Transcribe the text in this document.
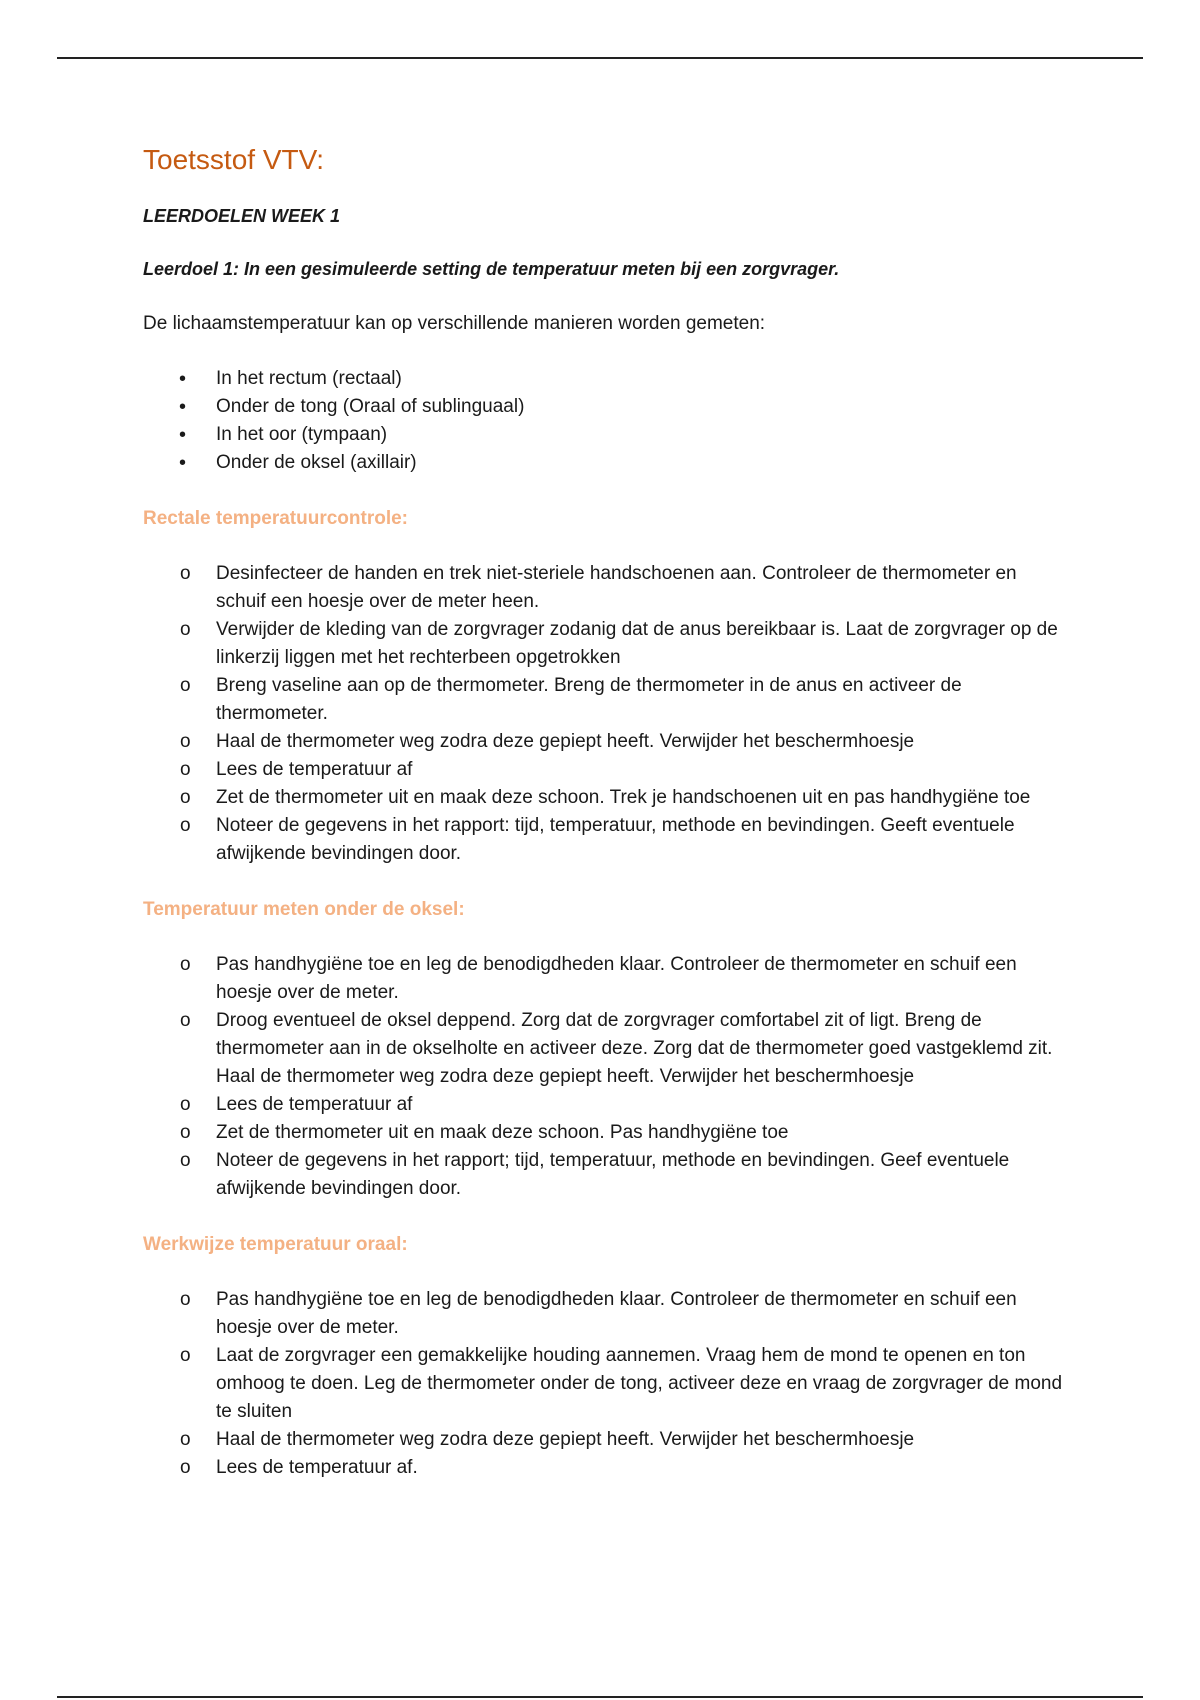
Toetsstof VTV:

LEERDOELEN WEEK 1

Leerdoel 1: In een gesimuleerde setting de temperatuur meten bij een zorgvrager.

De lichaamstemperatuur kan op verschillende manieren worden gemeten:

• In het rectum (rectaal)
• Onder de tong (Oraal of sublinguaal)
• In het oor (tympaan)
• Onder de oksel (axillair)

Rectale temperatuurcontrole:

o Desinfecteer de handen en trek niet-steriele handschoenen aan. Controleer de thermometer en schuif een hoesje over de meter heen.
o Verwijder de kleding van de zorgvrager zodanig dat de anus bereikbaar is. Laat de zorgvrager op de linkerzij liggen met het rechterbeen opgetrokken
o Breng vaseline aan op de thermometer. Breng de thermometer in de anus en activeer de thermometer.
o Haal de thermometer weg zodra deze gepiept heeft. Verwijder het beschermhoesje
o Lees de temperatuur af
o Zet de thermometer uit en maak deze schoon. Trek je handschoenen uit en pas handhygiëne toe
o Noteer de gegevens in het rapport: tijd, temperatuur, methode en bevindingen. Geeft eventuele afwijkende bevindingen door.

Temperatuur meten onder de oksel:

o Pas handhygiëne toe en leg de benodigdheden klaar. Controleer de thermometer en schuif een hoesje over de meter.
o Droog eventueel de oksel deppend. Zorg dat de zorgvrager comfortabel zit of ligt. Breng de thermometer aan in de okselholte en activeer deze. Zorg dat de thermometer goed vastgeklemd zit. Haal de thermometer weg zodra deze gepiept heeft. Verwijder het beschermhoesje
o Lees de temperatuur af
o Zet de thermometer uit en maak deze schoon. Pas handhygiëne toe
o Noteer de gegevens in het rapport; tijd, temperatuur, methode en bevindingen. Geef eventuele afwijkende bevindingen door.

Werkwijze temperatuur oraal:

o Pas handhygiëne toe en leg de benodigdheden klaar. Controleer de thermometer en schuif een hoesje over de meter.
o Laat de zorgvrager een gemakkelijke houding aannemen. Vraag hem de mond te openen en ton omhoog te doen. Leg de thermometer onder de tong, activeer deze en vraag de zorgvrager de mond te sluiten
o Haal de thermometer weg zodra deze gepiept heeft. Verwijder het beschermhoesje
o Lees de temperatuur af.
